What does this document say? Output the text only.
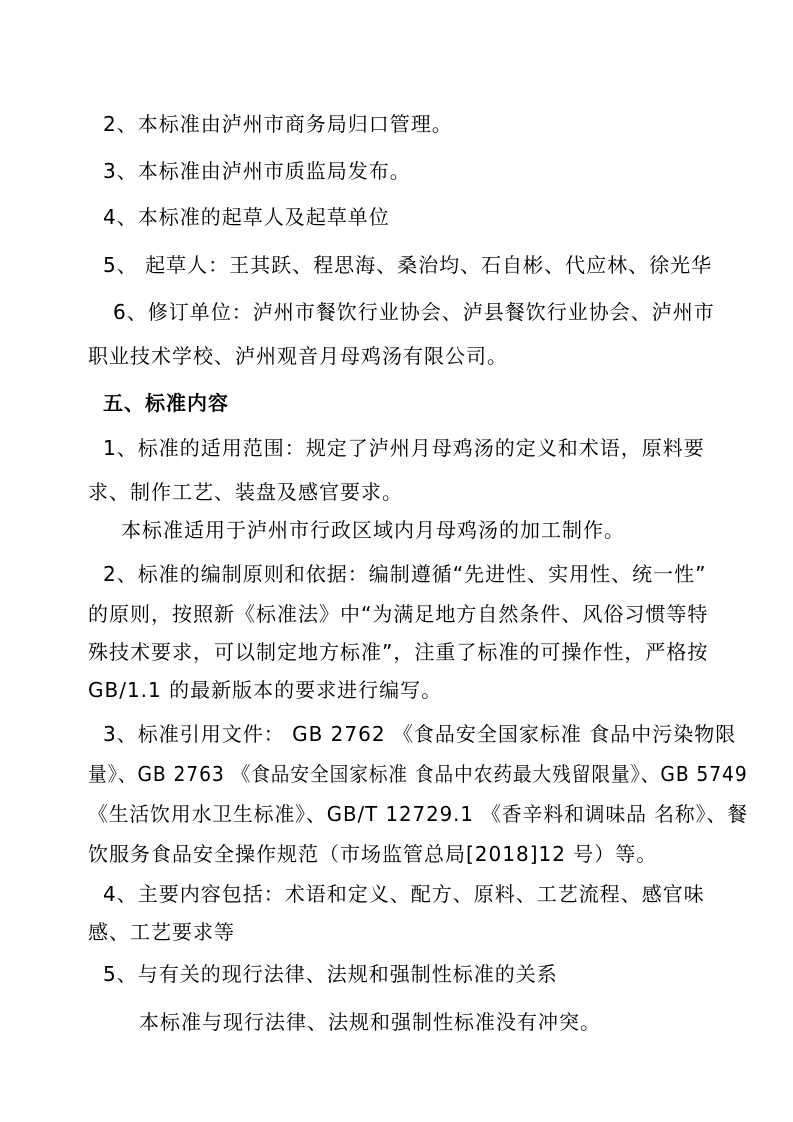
2、本标准由泸州市商务局归口管理。
3、本标准由泸州市质监局发布。
4、本标准的起草人及起草单位
5、 起草人：王其跃、程思海、桑治均、石自彬、代应林、徐光华
6、修订单位：泸州市餐饮行业协会、泸县餐饮行业协会、泸州市
职业技术学校、泸州观音月母鸡汤有限公司。
五、标准内容
1、标准的适用范围：规定了泸州月母鸡汤的定义和术语，原料要
求、制作工艺、装盘及感官要求。
本标准适用于泸州市行政区域内月母鸡汤的加工制作。
2、标准的编制原则和依据：编制遵循“先进性、实用性、统一性”
的原则，按照新《标准法》中“为满足地方自然条件、风俗习惯等特
殊技术要求，可以制定地方标准”，注重了标准的可操作性，严格按
GB/1.1 的最新版本的要求进行编写。
3、标准引用文件： GB 2762 《食品安全国家标准 食品中污染物限
量》、GB 2763 《食品安全国家标准 食品中农药最大残留限量》、GB 5749
《生活饮用水卫生标准》、GB/T 12729.1 《香辛料和调味品 名称》、餐
饮服务食品安全操作规范（市场监管总局[2018]12 号）等。
4、主要内容包括：术语和定义、配方、原料、工艺流程、感官味
感、工艺要求等
5、与有关的现行法律、法规和强制性标准的关系
本标准与现行法律、法规和强制性标准没有冲突。
